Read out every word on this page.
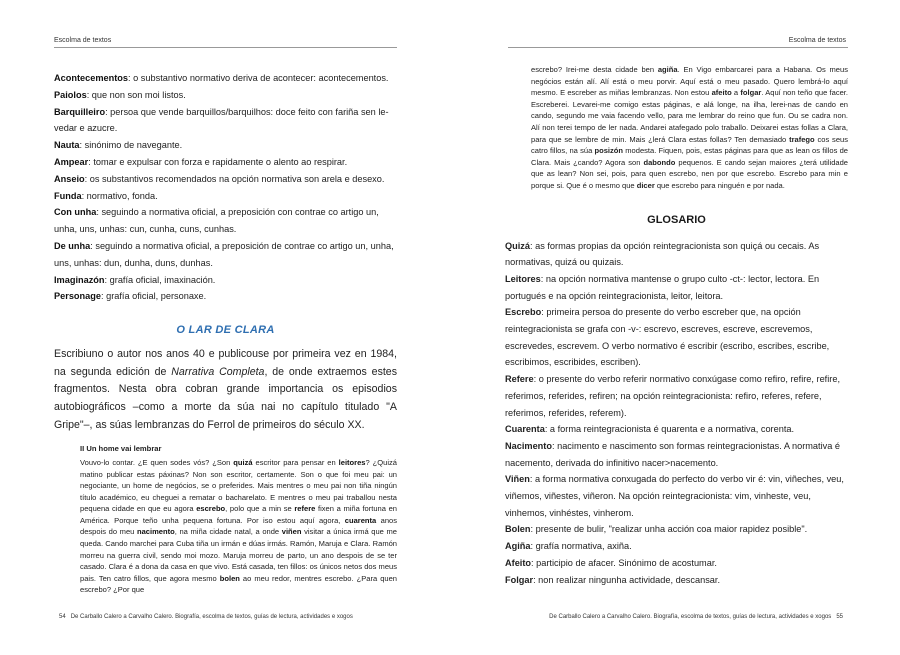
Escolma de textos

Acontecementos: o substantivo normativo deriva de acontecer: acontecementos.

Paiolos: que non son moi listos.

Barquilleiro: persoa que vende barquillos/barquilhos: doce feito con fariña sen le-vedar e azucre.

Nauta: sinónimo de navegante.

Ampear: tomar e expulsar con forza e rapidamente o alento ao respirar.

Anseio: os substantivos recomendados na opción normativa son arela e desexo.

Funda: normativo, fonda.

Con unha: seguindo a normativa oficial, a preposición con contrae co artigo un, unha, uns, unhas: cun, cunha, cuns, cunhas.

De unha: seguindo a normativa oficial, a preposición de contrae co artigo un, unha, uns, unhas: dun, dunha, duns, dunhas.

Imaginazón: grafía oficial, imaxinación.

Personage: grafía oficial, personaxe.

O LAR DE CLARA

Escribiuno o autor nos anos 40 e publicouse por primeira vez en 1984, na segunda edición de Narrativa Completa, de onde extraemos estes fragmentos. Nesta obra cobran grande importancia os episodios autobiográficos –como a morte da súa nai no capítulo titulado "A Gripe"–, as súas lembranzas do Ferrol de primeiros do século XX.

II Un home vai lembrar

Vouvo-lo contar. ¿E quen sodes vós? ¿Son quizá escritor para pensar en leitores? ¿Quizá matino publicar estas páxinas? Non son escritor, certamente. Son o que foi meu pai: un negociante, un home de negócios, se o preferides. Mais mentres o meu pai non tiña ningún título académico, eu cheguei a rematar o bacharelato. E mentres o meu pai traballou nesta pequena cidade en que eu agora escrebo, polo que a min se refere fixen a miña fortuna en América. Porque teño unha pequena fortuna. Por iso estou aquí agora, cuarenta anos despois do meu nacimento, na miña cidade natal, a onde viñen visitar a única irmá que me queda. Cando marchei para Cuba tiña un irmán e dúas irmás. Ramón, Maruja e Clara. Ramón morreu na guerra civil, sendo moi mozo. Maruja morreu de parto, un ano despois de se ter casado. Clara é a dona da casa en que vivo. Está casada, ten fillos: os únicos netos dos meus pais. Ten catro fillos, que agora mesmo bolen ao meu redor, mentres escrebo. ¿Para quen escrebo? ¿Por que

54 De Carballo Calero a Carvalho Calero. Biografía, escolma de textos, guías de lectura, actividades e xogos
Escolma de textos

escrebo? Irei-me desta cidade ben agiña. En Vigo embarcarei para a Habana. Os meus negócios están alí. Alí está o meu porvir. Aquí está o meu pasado. Quero lembrá-lo aquí mesmo. E escreber as miñas lembranzas. Non estou afeito a folgar. Aquí non teño que facer. Escreberei. Levarei-me comigo estas páginas, e alá longe, na ilha, lerei-nas de cando en cando, segundo me vaia facendo vello, para me lembrar do reino que fun. Ou se cadra non. Alí non terei tempo de ler nada. Andarei atafegado polo traballo. Deixarei estas follas a Clara, para que se lembre de min. Mais ¿lerá Clara estas follas? Ten demasiado trafego cos seus catro fillos, na súa posizón modesta. Fiquen, pois, estas páginas para que as lean os fillos de Clara. Mais ¿cando? Agora son dabondo pequenos. E cando sejan maiores ¿terá utilidade que as lean? Non sei, pois, para quen escrebo, nen por que escrebo. Escrebo para min e porque si. Que é o mesmo que dicer que escrebo para ninguén e por nada.

GLOSARIO

Quizá: as formas propias da opción reintegracionista son quiçá ou cecais. As normativas, quizá ou quizais.

Leitores: na opción normativa mantense o grupo culto -ct-: lector, lectora. En portugués e na opción reintegracionista, leitor, leitora.

Escrebo: primeira persoa do presente do verbo escreber que, na opción reintegracionista se grafa con -v-: escrevo, escreves, escreve, escrevemos, escrevedes, escrevem. O verbo normativo é escribir (escribo, escribes, escribe, escribimos, escribides, escriben).

Refere: o presente do verbo referir normativo conxúgase como refiro, refire, refire, referimos, referides, refiren; na opción reintegracionista: refiro, referes, refere, referimos, referides, referem).

Cuarenta: a forma reintegracionista é quarenta e a normativa, corenta.

Nacimento: nacimento e nascimento son formas reintegracionistas. A normativa é nacemento, derivada do infinitivo nacer>nacemento.

Viñen: a forma normativa conxugada do perfecto do verbo vir é: vin, viñeches, veu, viñemos, viñestes, viñeron. Na opción reintegracionista: vim, vinheste, veu, vinhemos, vinhéstes, vinherom.

Bolen: presente de bulir, "realizar unha acción coa maior rapidez posible".

Agiña: grafía normativa, axiña.

Afeito: participio de afacer. Sinónimo de acostumar.

Folgar: non realizar ningunha actividade, descansar.

De Carballo Calero a Carvalho Calero. Biografía, escolma de textos, guías de lectura, actividades e xogos 55
